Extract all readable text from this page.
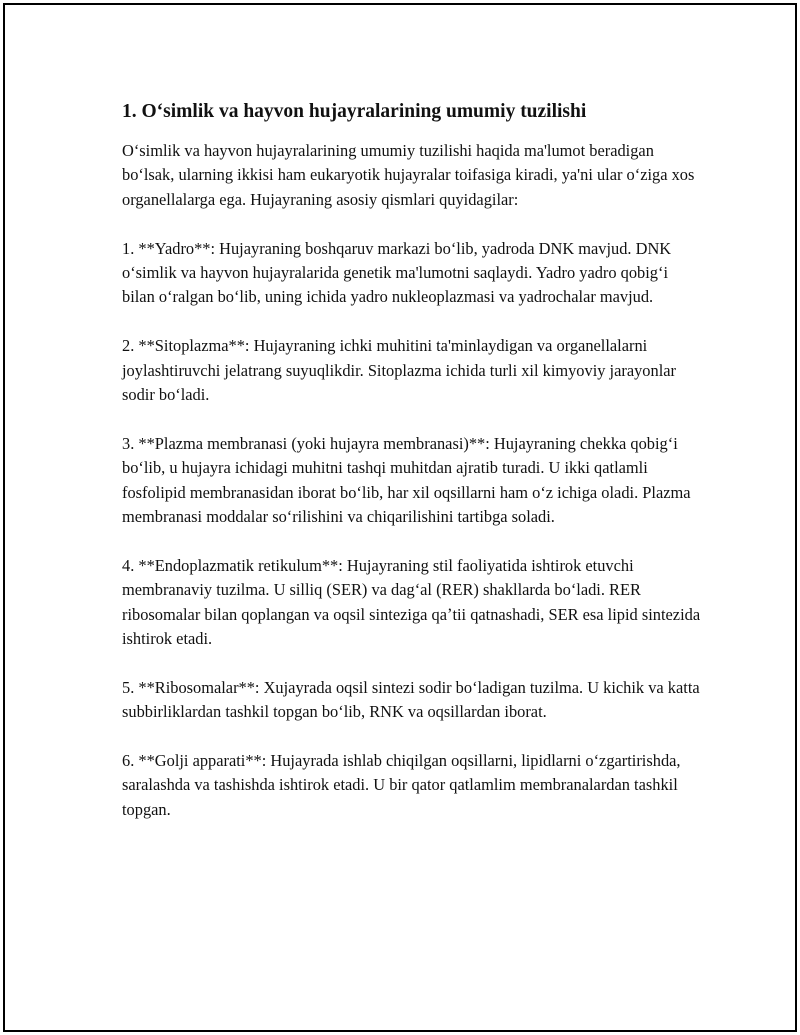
1. Oʻsimlik va hayvon hujayralarining umumiy tuzilishi

Oʻsimlik va hayvon hujayralarining umumiy tuzilishi haqida ma'lumot beradigan boʻlsak, ularning ikkisi ham eukaryotik hujayralar toifasiga kiradi, ya'ni ular oʻziga xos organellalarga ega. Hujayraning asosiy qismlari quyidagilar:

1. **Yadro**: Hujayraning boshqaruv markazi boʻlib, yadroda DNK mavjud. DNK oʻsimlik va hayvon hujayralarida genetik ma'lumotni saqlaydi. Yadro yadro qobigʻi bilan oʻralgan boʻlib, uning ichida yadro nukleoplazmasi va yadrochalar mavjud.

2. **Sitoplazma**: Hujayraning ichki muhitini ta'minlaydigan va organellalarni joylashtiruvchi jelatrang suyuqlikdir. Sitoplazma ichida turli xil kimyoviy jarayonlar sodir boʻladi.

3. **Plazma membranasi (yoki hujayra membranasi)**: Hujayraning chekka qobigʻi boʻlib, u hujayra ichidagi muhitni tashqi muhitdan ajratib turadi. U ikki qatlamli fosfolipid membranasidan iborat boʻlib, har xil oqsillarni ham oʻz ichiga oladi. Plazma membranasi moddalar soʻrilishini va chiqarilishini tartibga soladi.

4. **Endoplazmatik retikulum**: Hujayraning stil faoliyatida ishtirok etuvchi membranaviy tuzilma. U silliq (SER) va dagʻal (RER) shakllarda boʻladi. RER ribosomalar bilan qoplangan va oqsil sinteziga qaʼtii qatnashadi, SER esa lipid sintezida ishtirok etadi.

5. **Ribosomalar**: Xujayrada oqsil sintezi sodir boʻladigan tuzilma. U kichik va katta subbirliklardan tashkil topgan boʻlib, RNK va oqsillardan iborat.

6. **Golji apparati**: Hujayrada ishlab chiqilgan oqsillarni, lipidlarni oʻzgartirishda, saralashda va tashishda ishtirok etadi. U bir qator qatlamlim membranalardan tashkil topgan.
